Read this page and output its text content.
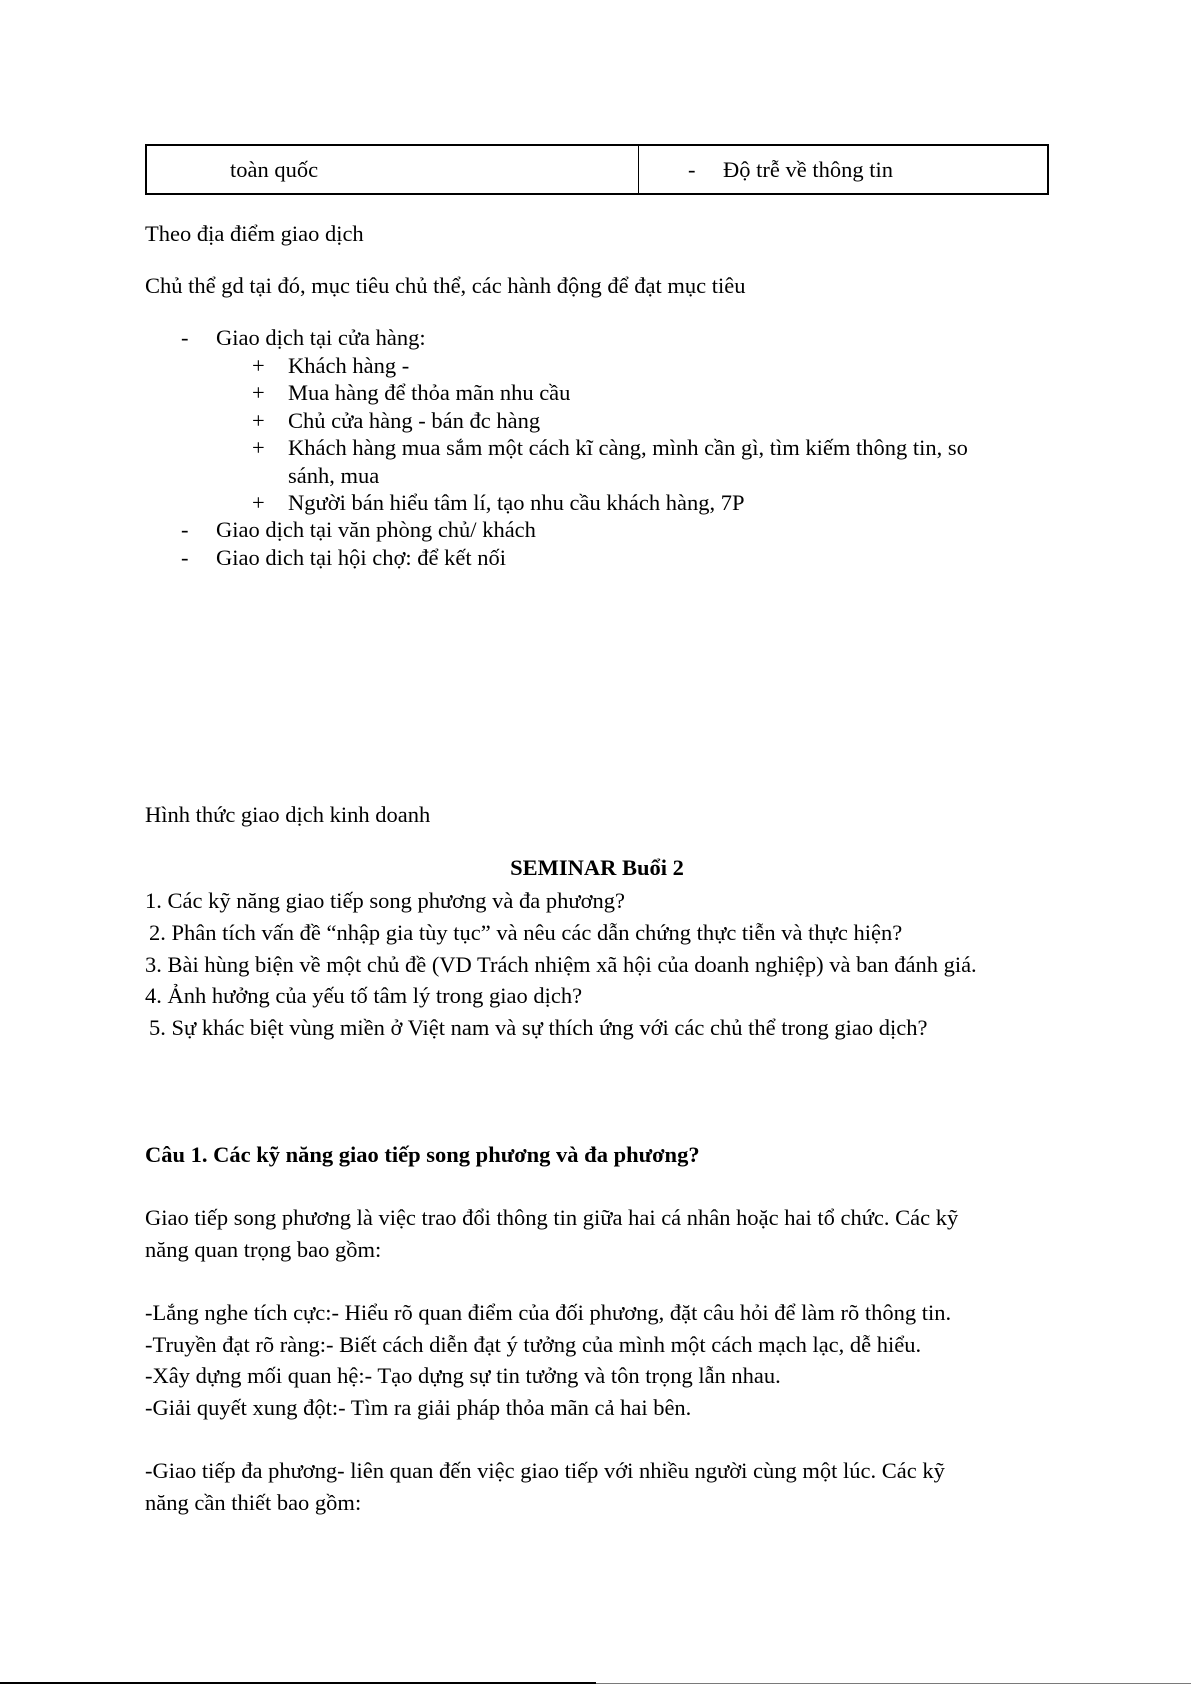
toàn quốc	- Độ trễ về thông tin
Theo địa điểm giao dịch
Chủ thể gd tại đó, mục tiêu chủ thể, các hành động để đạt mục tiêu
- Giao dịch tại cửa hàng:
+ Khách hàng -
+ Mua hàng để thỏa mãn nhu cầu
+ Chủ cửa hàng - bán đc hàng
+ Khách hàng mua sắm một cách kĩ càng, mình cần gì, tìm kiếm thông tin, so
sánh, mua
+ Người bán hiểu tâm lí, tạo nhu cầu khách hàng, 7P
- Giao dịch tại văn phòng chủ/ khách
- Giao dich tại hội chợ: để kết nối
Hình thức giao dịch kinh doanh
SEMINAR Buổi 2
1. Các kỹ năng giao tiếp song phương và đa phương?
2. Phân tích vấn đề “nhập gia tùy tục” và nêu các dẫn chứng thực tiễn và thực hiện?
3. Bài hùng biện về một chủ đề (VD Trách nhiệm xã hội của doanh nghiệp) và ban đánh giá.
4. Ảnh hưởng của yếu tố tâm lý trong giao dịch?
5. Sự khác biệt vùng miền ở Việt nam và sự thích ứng với các chủ thể trong giao dịch?
Câu 1. Các kỹ năng giao tiếp song phương và đa phương?
Giao tiếp song phương là việc trao đổi thông tin giữa hai cá nhân hoặc hai tổ chức. Các kỹ
năng quan trọng bao gồm:
-Lắng nghe tích cực:- Hiểu rõ quan điểm của đối phương, đặt câu hỏi để làm rõ thông tin.
-Truyền đạt rõ ràng:- Biết cách diễn đạt ý tưởng của mình một cách mạch lạc, dễ hiểu.
-Xây dựng mối quan hệ:- Tạo dựng sự tin tưởng và tôn trọng lẫn nhau.
-Giải quyết xung đột:- Tìm ra giải pháp thỏa mãn cả hai bên.
-Giao tiếp đa phương- liên quan đến việc giao tiếp với nhiều người cùng một lúc. Các kỹ
năng cần thiết bao gồm:
